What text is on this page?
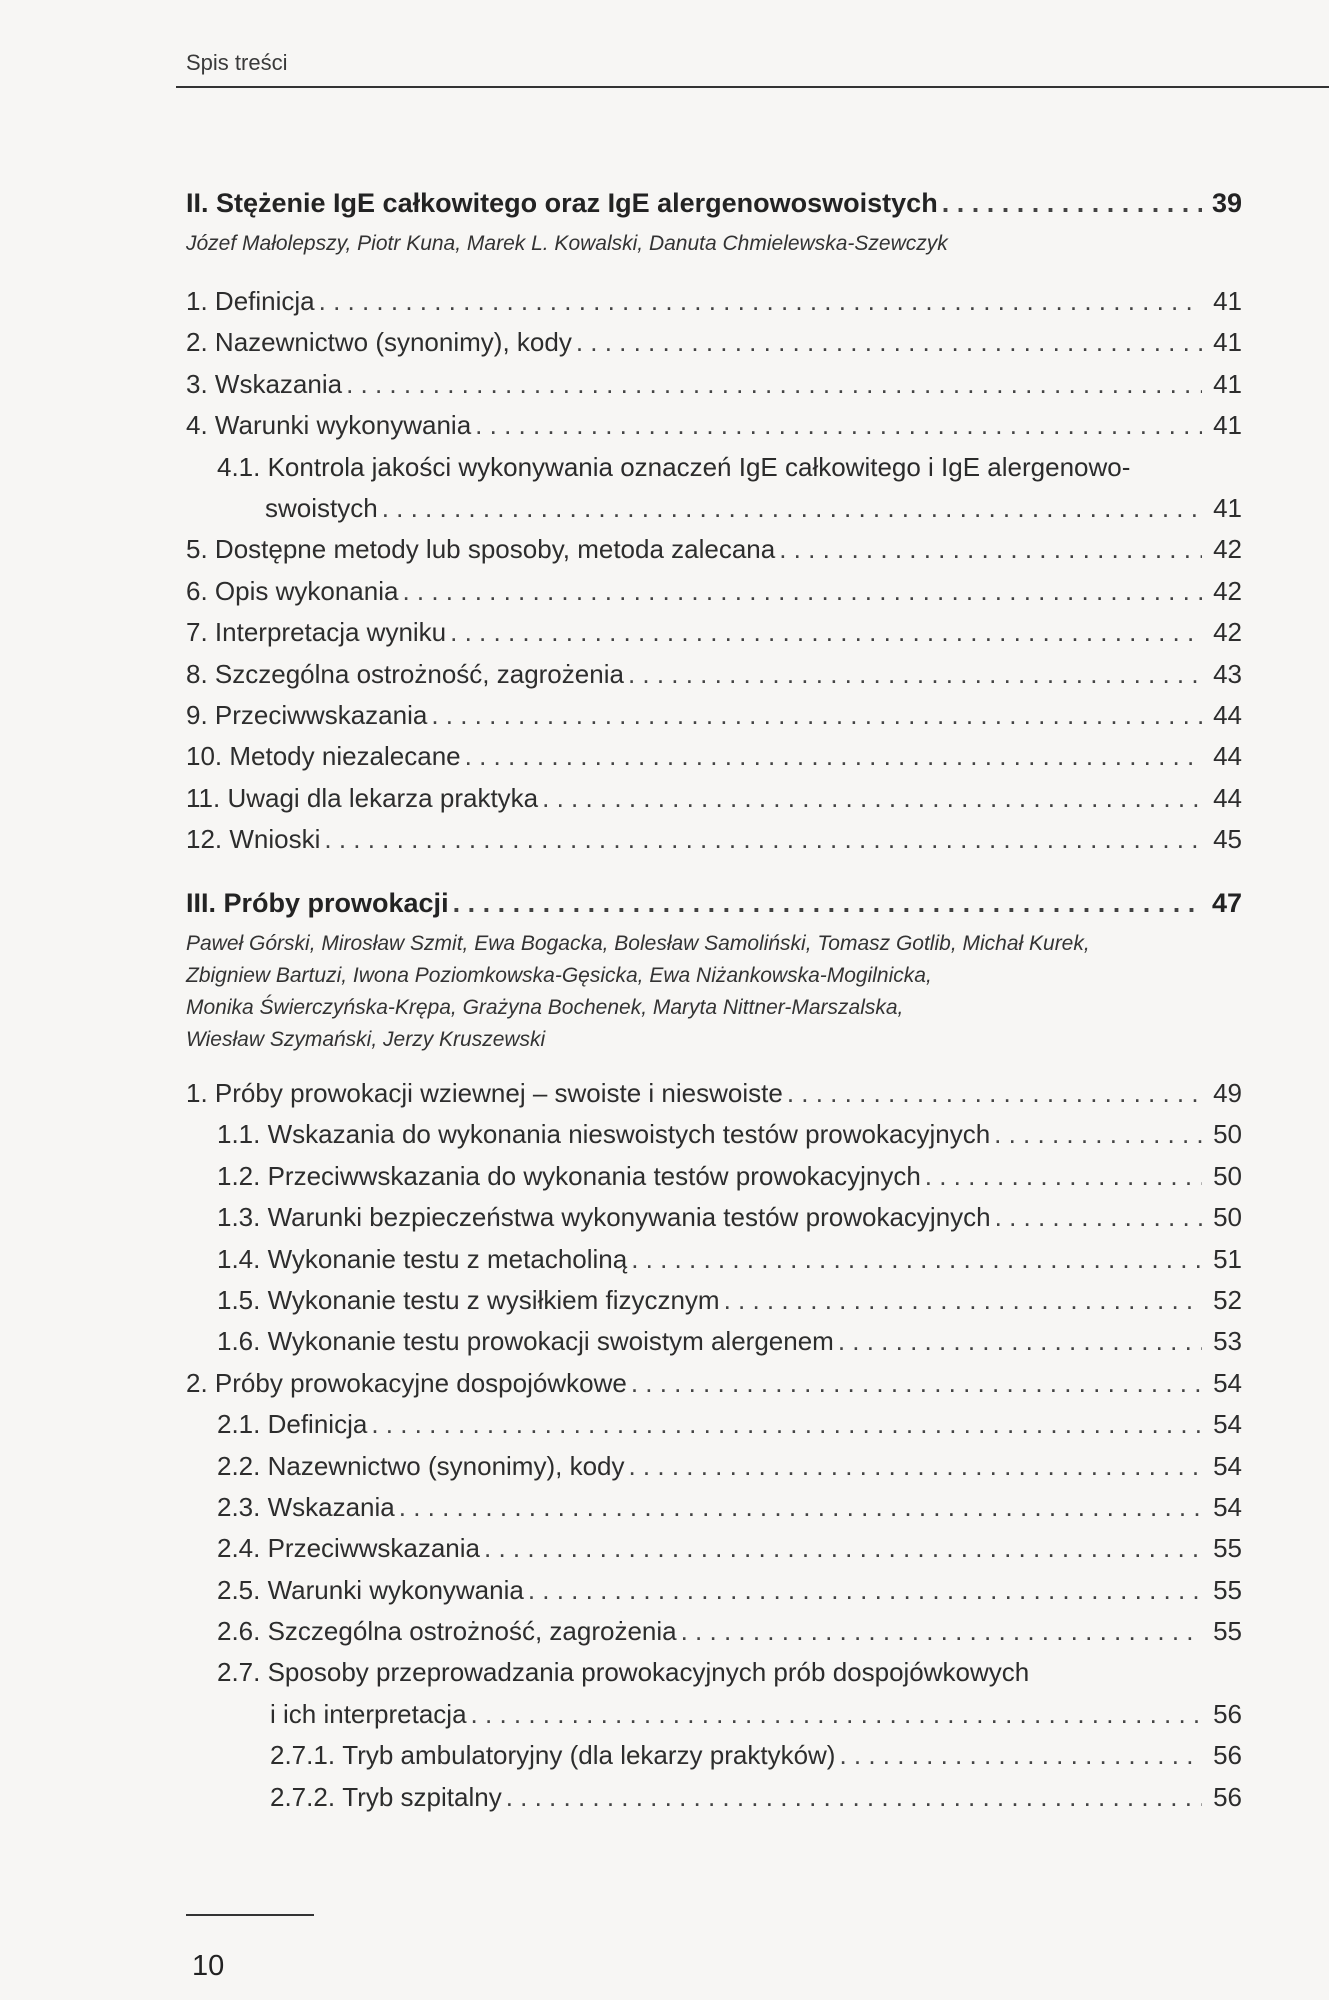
Spis treści
II. Stężenie IgE całkowitego oraz IgE alergenowoswoistych . . .	39
Józef Małolepszy, Piotr Kuna, Marek L. Kowalski, Danuta Chmielewska-Szewczyk
1. Definicja . . .	41
2. Nazewnictwo (synonimy), kody . . .	41
3. Wskazania . . .	41
4. Warunki wykonywania . . .	41
4.1. Kontrola jakości wykonywania oznaczeń IgE całkowitego i IgE alergenowo-
swoistych . . .	41
5. Dostępne metody lub sposoby, metoda zalecana . . .	42
6. Opis wykonania . . .	42
7. Interpretacja wyniku . . .	42
8. Szczególna ostrożność, zagrożenia . . .	43
9. Przeciwwskazania . . .	44
10. Metody niezalecane . . .	44
11. Uwagi dla lekarza praktyka . . .	44
12. Wnioski . . .	45
III. Próby prowokacji . . .	47
Paweł Górski, Mirosław Szmit, Ewa Bogacka, Bolesław Samoliński, Tomasz Gotlib, Michał Kurek,
Zbigniew Bartuzi, Iwona Poziomkowska-Gęsicka, Ewa Niżankowska-Mogilnicka,
Monika Świerczyńska-Krępa, Grażyna Bochenek, Maryta Nittner-Marszalska,
Wiesław Szymański, Jerzy Kruszewski
1. Próby prowokacji wziewnej – swoiste i nieswoiste . . .	49
1.1. Wskazania do wykonania nieswoistych testów prowokacyjnych . . .	50
1.2. Przeciwwskazania do wykonania testów prowokacyjnych . . .	50
1.3. Warunki bezpieczeństwa wykonywania testów prowokacyjnych . . .	50
1.4. Wykonanie testu z metacholiną . . .	51
1.5. Wykonanie testu z wysiłkiem fizycznym . . .	52
1.6. Wykonanie testu prowokacji swoistym alergenem . . .	53
2. Próby prowokacyjne dospojówkowe . . .	54
2.1. Definicja . . .	54
2.2. Nazewnictwo (synonimy), kody . . .	54
2.3. Wskazania . . .	54
2.4. Przeciwwskazania . . .	55
2.5. Warunki wykonywania . . .	55
2.6. Szczególna ostrożność, zagrożenia . . .	55
2.7. Sposoby przeprowadzania prowokacyjnych prób dospojówkowych
i ich interpretacja . . .	56
2.7.1. Tryb ambulatoryjny (dla lekarzy praktyków) . . .	56
2.7.2. Tryb szpitalny . . .	56
10
